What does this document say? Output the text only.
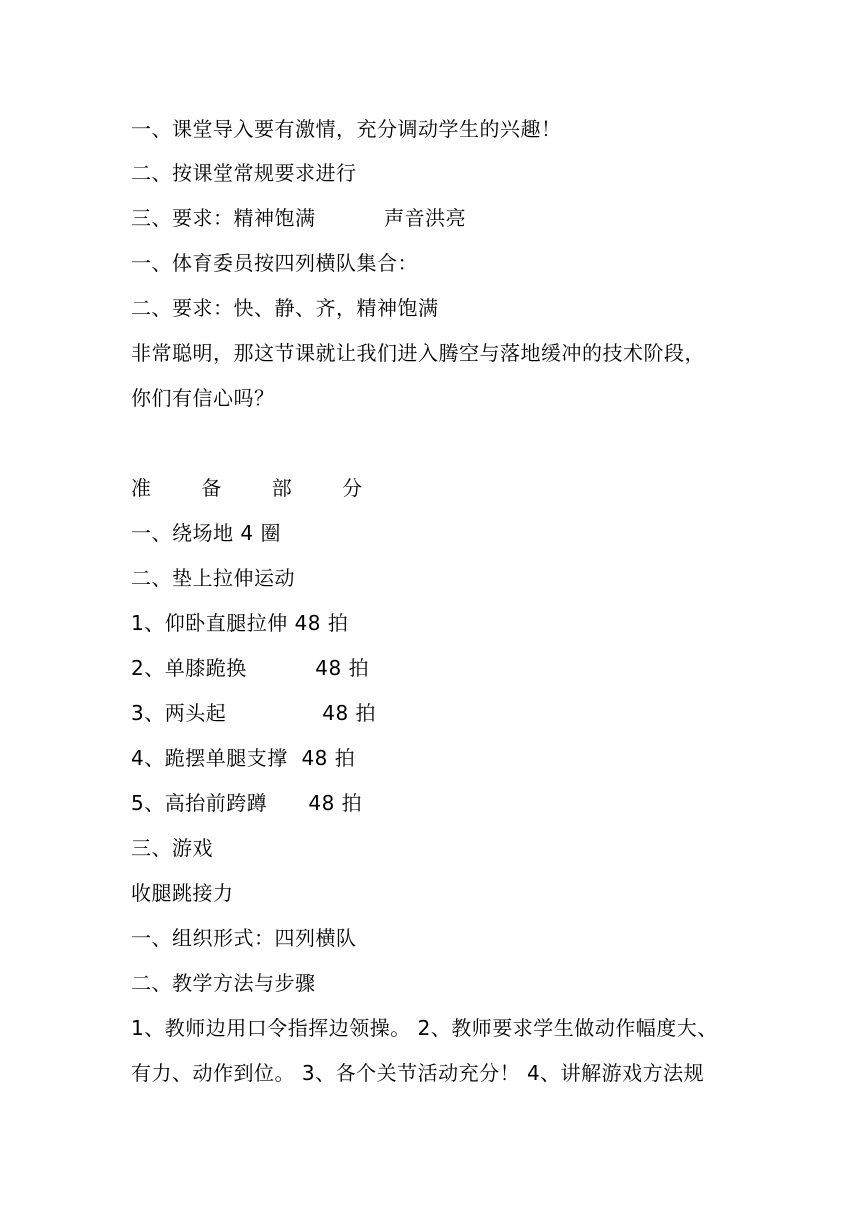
一、课堂导入要有激情，充分调动学生的兴趣！
二、按课堂常规要求进行
三、要求：精神饱满          声音洪亮
一、体育委员按四列横队集合：
二、要求：快、静、齐，精神饱满
非常聪明，那这节课就让我们进入腾空与落地缓冲的技术阶段，
你们有信心吗？
准 备 部 分
一、绕场地 4 圈
二、垫上拉伸运动
1、仰卧直腿拉伸 48 拍
2、单膝跪换          48 拍
3、两头起              48 拍
4、跪摆单腿支撑  48 拍
5、高抬前跨蹲      48 拍
三、游戏
收腿跳接力
一、组织形式：四列横队
二、教学方法与步骤
1、教师边用口令指挥边领操。 2、教师要求学生做动作幅度大、
有力、动作到位。 3、各个关节活动充分！ 4、讲解游戏方法规
